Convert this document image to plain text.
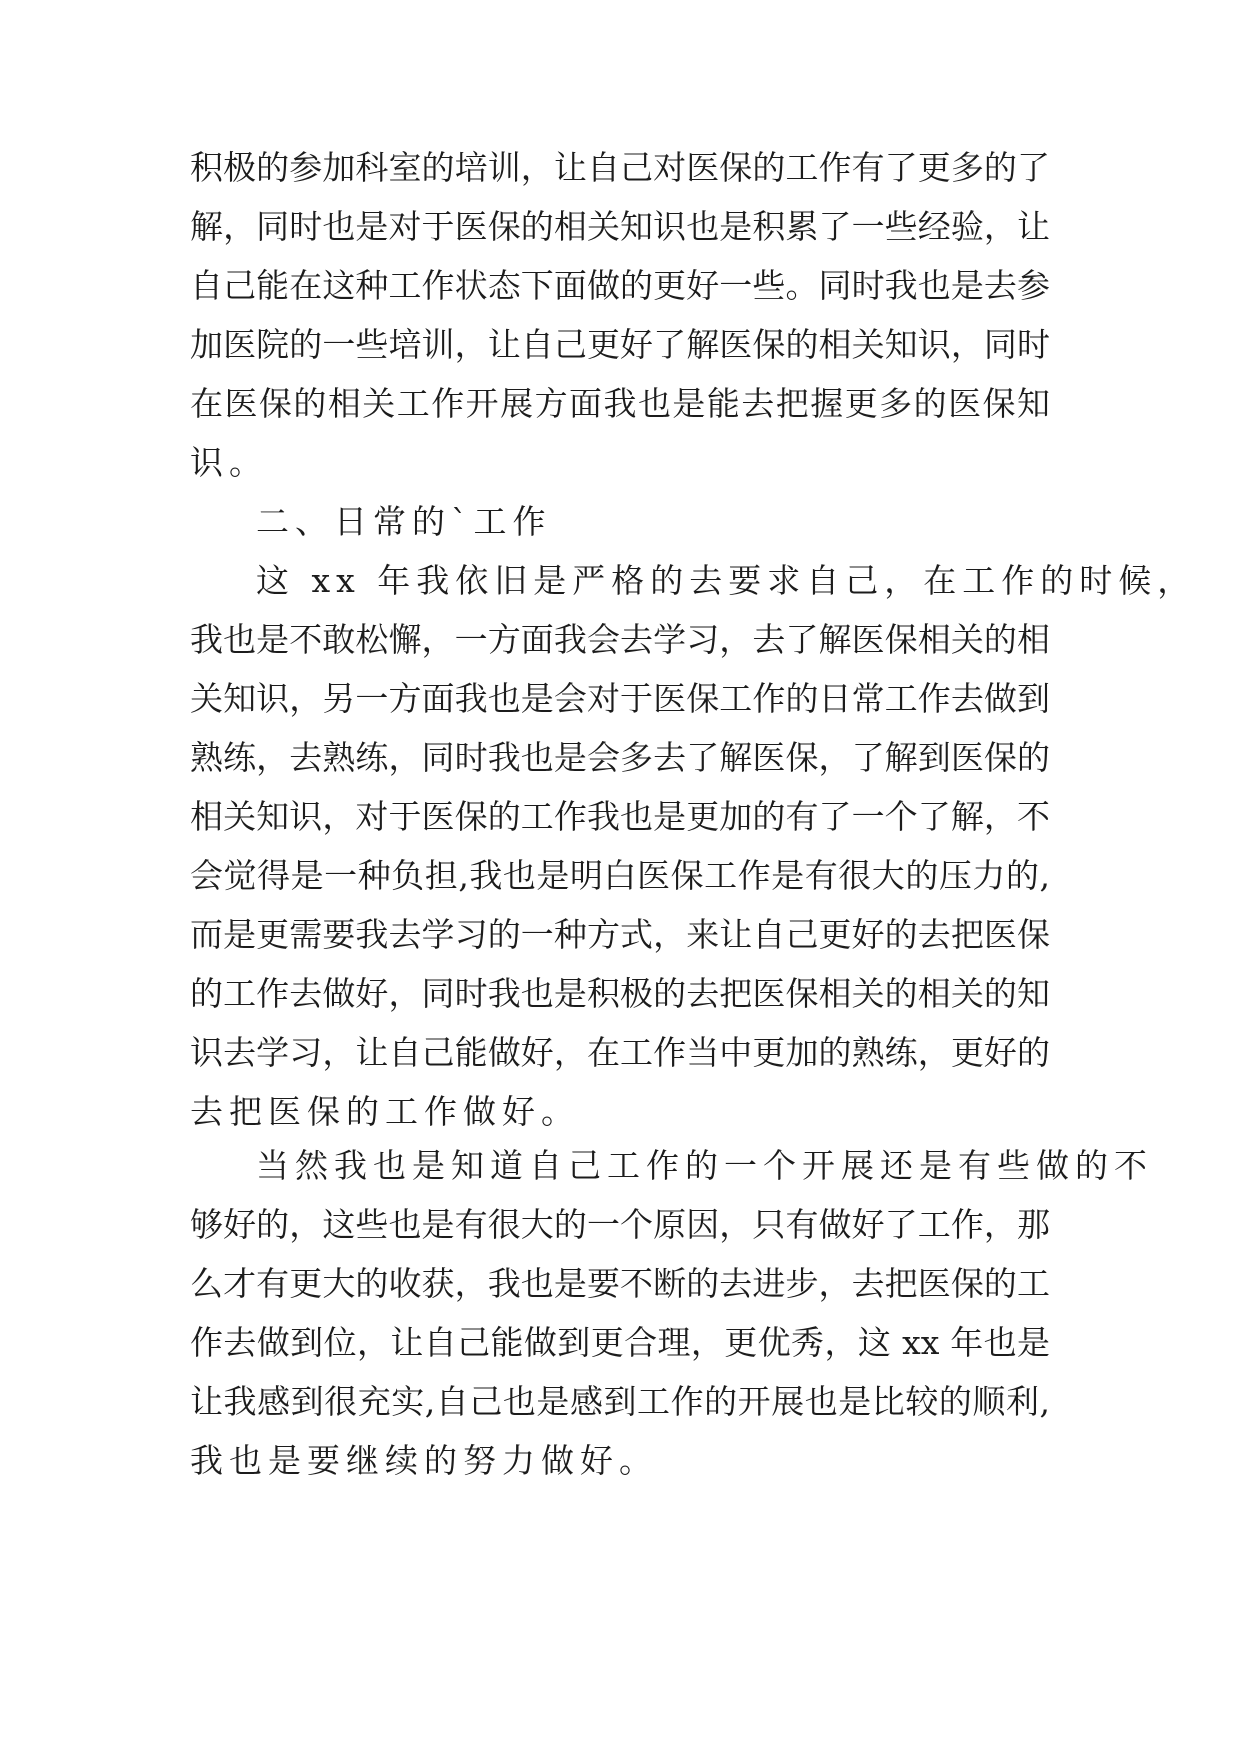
积极的参加科室的培训，让自己对医保的工作有了更多的了
解，同时也是对于医保的相关知识也是积累了一些经验，让
自己能在这种工作状态下面做的更好一些。同时我也是去参
加医院的一些培训，让自己更好了解医保的相关知识，同时
在医保的相关工作开展方面我也是能去把握更多的医保知
识。
二、日常的`工作
这 xx 年我依旧是严格的去要求自己，在工作的时候，
我也是不敢松懈，一方面我会去学习，去了解医保相关的相
关知识，另一方面我也是会对于医保工作的日常工作去做到
熟练，去熟练，同时我也是会多去了解医保，了解到医保的
相关知识，对于医保的工作我也是更加的有了一个了解，不
会觉得是一种负担,我也是明白医保工作是有很大的压力的,
而是更需要我去学习的一种方式，来让自己更好的去把医保
的工作去做好，同时我也是积极的去把医保相关的相关的知
识去学习，让自己能做好，在工作当中更加的熟练，更好的
去把医保的工作做好。
当然我也是知道自己工作的一个开展还是有些做的不
够好的，这些也是有很大的一个原因，只有做好了工作，那
么才有更大的收获，我也是要不断的去进步，去把医保的工
作去做到位，让自己能做到更合理，更优秀，这 xx 年也是
让我感到很充实,自己也是感到工作的开展也是比较的顺利,
我也是要继续的努力做好。
